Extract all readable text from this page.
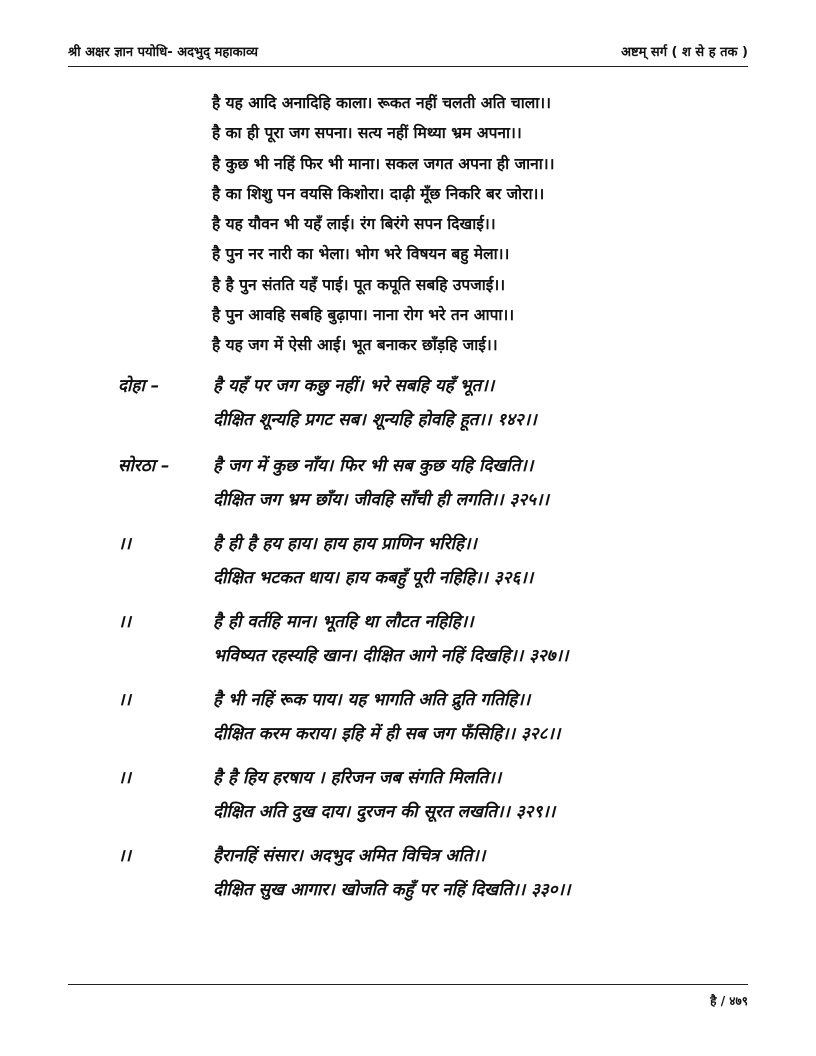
श्री अक्षर ज्ञान पयोधि- अदभुद् महाकाव्य	अष्टम् सर्ग ( श से ह तक )
है यह आदि अनादिहि काला। रूकत नहीं चलती अति चाला।।
है का ही पूरा जग सपना। सत्य नहीं मिथ्या भ्रम अपना।।
है कुछ भी नहिं फिर भी माना। सकल जगत अपना ही जाना।।
है का शिशु पन वयसि किशोरा। दाढ़ी मूँछ निकरि बर जोरा।।
है यह यौवन भी यहँ लाई। रंग बिरंगे सपन दिखाई।।
है पुन नर नारी का भेला। भोग भरे विषयन बहु मेला।।
है है पुन संतति यहँ पाई। पूत कपूति सबहि उपजाई।।
है पुन आवहि सबहि बुढ़ापा। नाना रोग भरे तन आपा।।
है यह जग में ऐसी आई। भूत बनाकर छाँड़हि जाई।।
दोहा –	है यहँ पर जग कछु नहीं। भरे सबहि यहँ भूत।।
दीक्षित शून्यहि प्रगट सब। शून्यहि होवहि हूत।। १४२।।
सोरठा –	है जग में कुछ नाँय। फिर भी सब कुछ यहि दिखति।।
दीक्षित जग भ्रम छाँय। जीवहि साँची ही लगति।। ३२५।।
।।	है ही है हय हाय। हाय हाय प्राणिन भरिहि।।
दीक्षित भटकत धाय। हाय कबहुँ पूरी नहिहि।। ३२६।।
।।	है ही वर्तहि मान। भूतहि था लौटत नहिहि।।
भविष्यत रहस्यहि खान। दीक्षित आगे नहिं दिखहि।। ३२७।।
।।	है भी नहिं रूक पाय। यह भागति अति द्रुति गतिहि।।
दीक्षित करम कराय। इहि में ही सब जग फँसिहि।। ३२८।।
।।	है है हिय हरषाय । हरिजन जब संगति मिलति।।
दीक्षित अति दुख दाय। दुरजन की सूरत लखति।। ३२९।।
।।	हैरानहिं संसार। अदभुद अमित विचित्र अति।।
दीक्षित सुख आगार। खोजति कहुँ पर नहिं दिखति।। ३३०।।
है / ४७९
